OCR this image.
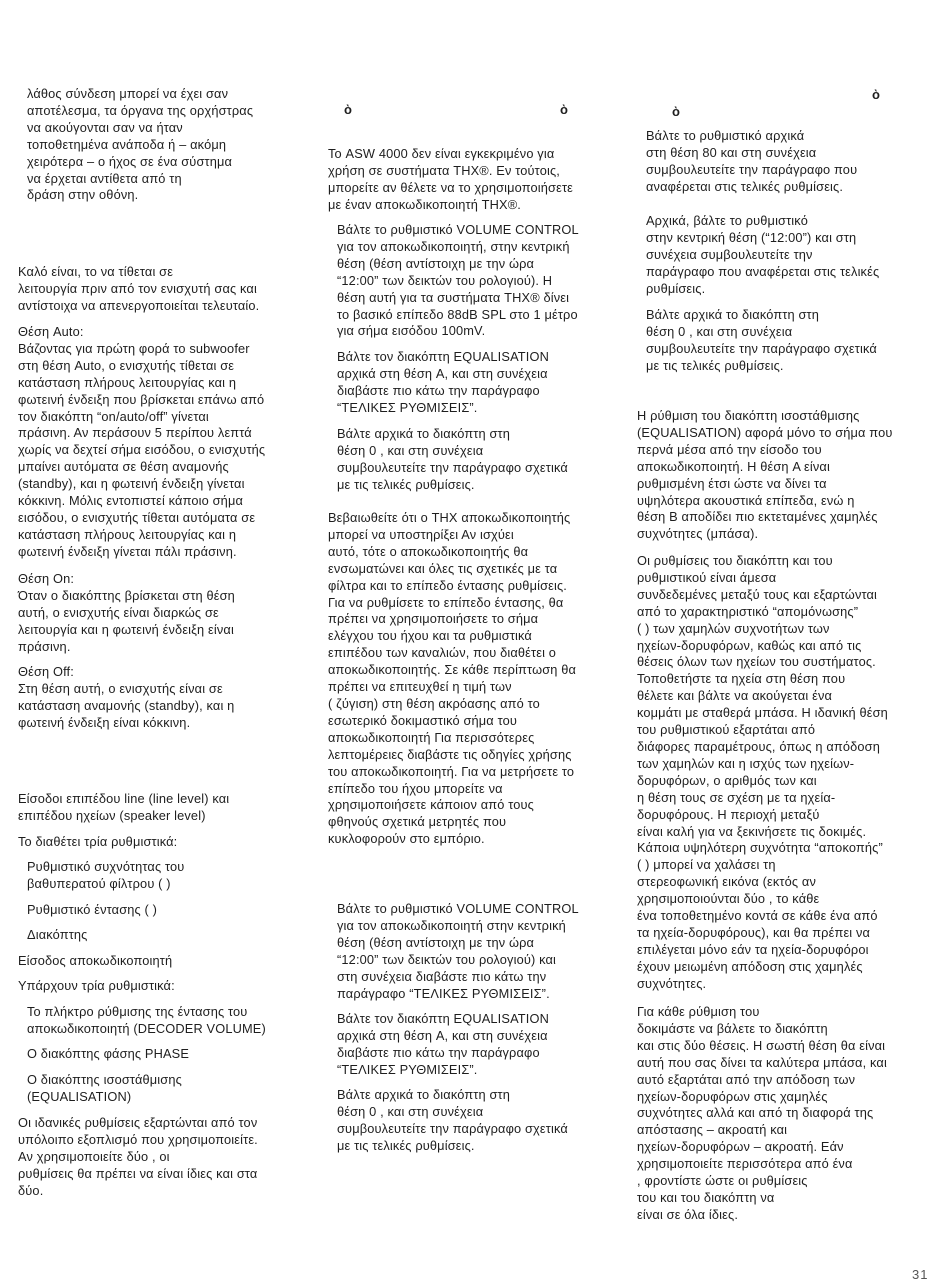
λάθος σύνδεση μπορεί να έχει σαν
αποτέλεσμα, τα όργανα της ορχήστρας
να ακούγονται σαν να ήταν
τοποθετημένα ανάποδα ή – ακόμη
χειρότερα – ο ήχος σε ένα σύστημα
να έρχεται αντίθετα από τη
δράση στην οθόνη.

Καλό είναι, το να τίθεται σε
λειτουργία πριν από τον ενισχυτή σας και
αντίστοιχα να απενεργοποιείται τελευταίο.

Θέση Auto:
Βάζοντας για πρώτη φορά το subwoofer
στη θέση Auto, ο ενισχυτής τίθεται σε
κατάσταση πλήρους λειτουργίας και η
φωτεινή ένδειξη που βρίσκεται επάνω από
τον διακόπτη “on/auto/off” γίνεται
πράσινη. Αν περάσουν 5 περίπου λεπτά
χωρίς να δεχτεί σήμα εισόδου, ο ενισχυτής
μπαίνει αυτόματα σε θέση αναμονής
(standby), και η φωτεινή ένδειξη γίνεται
κόκκινη. Μόλις εντοπιστεί κάποιο σήμα
εισόδου, ο ενισχυτής τίθεται αυτόματα σε
κατάσταση πλήρους λειτουργίας και η
φωτεινή ένδειξη γίνεται πάλι πράσινη.

Θέση On:
Όταν ο διακόπτης βρίσκεται στη θέση
αυτή, ο ενισχυτής είναι διαρκώς σε
λειτουργία και η φωτεινή ένδειξη είναι
πράσινη.

Θέση Off:
Στη θέση αυτή, ο ενισχυτής είναι σε
κατάσταση αναμονής (standby), και η
φωτεινή ένδειξη είναι κόκκινη.

Είσοδοι επιπέδου line (line level) και
επιπέδου ηχείων (speaker level)

Το διαθέτει τρία ρυθμιστικά:

Ρυθμιστικό συχνότητας του
βαθυπερατού φίλτρου ( )

Ρυθμιστικό έντασης ( )

Διακόπτης

Είσοδος αποκωδικοποιητή

Υπάρχουν τρία ρυθμιστικά:

Το πλήκτρο ρύθμισης της έντασης του
αποκωδικοποιητή (DECODER VOLUME)

Ο διακόπτης φάσης PHASE

Ο διακόπτης ισοστάθμισης
(EQUALISATION)

Οι ιδανικές ρυθμίσεις εξαρτώνται από τον
υπόλοιπο εξοπλισμό που χρησιμοποιείτε.
Αν χρησιμοποιείτε δύο , οι
ρυθμίσεις θα πρέπει να είναι ίδιες και στα
δύο.

ὸ	ὸ

Το ASW 4000 δεν είναι εγκεκριμένο για
χρήση σε συστήματα THX®. Εν τούτοις,
μπορείτε αν θέλετε να το χρησιμοποιήσετε
με έναν αποκωδικοποιητή THX®.

Βάλτε το ρυθμιστικό VOLUME CONTROL
για τον αποκωδικοποιητή, στην κεντρική
θέση (θέση αντίστοιχη με την ώρα
“12:00” των δεικτών του ρολογιού). Η
θέση αυτή για τα συστήματα THX® δίνει
το βασικό επίπεδο 88dB SPL στο 1 μέτρο
για σήμα εισόδου 100mV.

Βάλτε τον διακόπτη EQUALISATION
αρχικά στη θέση A, και στη συνέχεια
διαβάστε πιο κάτω την παράγραφο
“ΤΕΛΙΚΕΣ ΡΥΘΜΙΣΕΙΣ”.

Βάλτε αρχικά το διακόπτη στη
θέση 0 , και στη συνέχεια
συμβουλευτείτε την παράγραφο σχετικά
με τις τελικές ρυθμίσεις.

Βεβαιωθείτε ότι ο THX αποκωδικοποιητής
μπορεί να υποστηρίξει Αν ισχύει
αυτό, τότε ο αποκωδικοποιητής θα
ενσωματώνει και όλες τις σχετικές με τα
φίλτρα και το επίπεδο έντασης ρυθμίσεις.
Για να ρυθμίσετε το επίπεδο έντασης, θα
πρέπει να χρησιμοποιήσετε το σήμα
ελέγχου του ήχου και τα ρυθμιστικά
επιπέδου των καναλιών, που διαθέτει ο
αποκωδικοποιητής. Σε κάθε περίπτωση θα
πρέπει να επιτευχθεί η τιμή των
( ζύγιση) στη θέση ακρόασης από το
εσωτερικό δοκιμαστικό σήμα του
αποκωδικοποιητή Για περισσότερες
λεπτομέρειες διαβάστε τις οδηγίες χρήσης
του αποκωδικοποιητή. Για να μετρήσετε το
επίπεδο του ήχου μπορείτε να
χρησιμοποιήσετε κάποιον από τους
φθηνούς σχετικά μετρητές που
κυκλοφορούν στο εμπόριο.

Βάλτε το ρυθμιστικό VOLUME CONTROL
για τον αποκωδικοποιητή στην κεντρική
θέση (θέση αντίστοιχη με την ώρα
“12:00” των δεικτών του ρολογιού) και
στη συνέχεια διαβάστε πιο κάτω την
παράγραφο “ΤΕΛΙΚΕΣ ΡΥΘΜΙΣΕΙΣ”.

Βάλτε τον διακόπτη EQUALISATION
αρχικά στη θέση A, και στη συνέχεια
διαβάστε πιο κάτω την παράγραφο
“ΤΕΛΙΚΕΣ ΡΥΘΜΙΣΕΙΣ”.

Βάλτε αρχικά το διακόπτη στη
θέση 0 , και στη συνέχεια
συμβουλευτείτε την παράγραφο σχετικά
με τις τελικές ρυθμίσεις.

ὸ
ὸ

Βάλτε το ρυθμιστικό αρχικά
στη θέση 80 και στη συνέχεια
συμβουλευτείτε την παράγραφο που
αναφέρεται στις τελικές ρυθμίσεις.

Αρχικά, βάλτε το ρυθμιστικό
στην κεντρική θέση (“12:00”) και στη
συνέχεια συμβουλευτείτε την
παράγραφο που αναφέρεται στις τελικές
ρυθμίσεις.

Βάλτε αρχικά το διακόπτη στη
θέση 0 , και στη συνέχεια
συμβουλευτείτε την παράγραφο σχετικά
με τις τελικές ρυθμίσεις.

Η ρύθμιση του διακόπτη ισοστάθμισης
(EQUALISATION) αφορά μόνο το σήμα που
περνά μέσα από την είσοδο του
αποκωδικοποιητή. Η θέση A είναι
ρυθμισμένη έτσι ώστε να δίνει τα
υψηλότερα ακουστικά επίπεδα, ενώ η
θέση B αποδίδει πιο εκτεταμένες χαμηλές
συχνότητες (μπάσα).

Οι ρυθμίσεις του διακόπτη και του
ρυθμιστικού είναι άμεσα
συνδεδεμένες μεταξύ τους και εξαρτώνται
από το χαρακτηριστικό “απομόνωσης”
( ) των χαμηλών συχνοτήτων των
ηχείων-δορυφόρων, καθώς και από τις
θέσεις όλων των ηχείων του συστήματος.
Τοποθετήστε τα ηχεία στη θέση που
θέλετε και βάλτε να ακούγεται ένα
κομμάτι με σταθερά μπάσα. Η ιδανική θέση
του ρυθμιστικού εξαρτάται από
διάφορες παραμέτρους, όπως η απόδοση
των χαμηλών και η ισχύς των ηχείων-
δορυφόρων, ο αριθμός των και
η θέση τους σε σχέση με τα ηχεία-
δορυφόρους. Η περιοχή μεταξύ
είναι καλή για να ξεκινήσετε τις δοκιμές.
Κάποια υψηλότερη συχνότητα “αποκοπής”
( ) μπορεί να χαλάσει τη
στερεοφωνική εικόνα (εκτός αν
χρησιμοποιούνται δύο , το κάθε
ένα τοποθετημένο κοντά σε κάθε ένα από
τα ηχεία-δορυφόρους), και θα πρέπει να
επιλέγεται μόνο εάν τα ηχεία-δορυφόροι
έχουν μειωμένη απόδοση στις χαμηλές
συχνότητες.

Για κάθε ρύθμιση του
δοκιμάστε να βάλετε το διακόπτη
και στις δύο θέσεις. Η σωστή θέση θα είναι
αυτή που σας δίνει τα καλύτερα μπάσα, και
αυτό εξαρτάται από την απόδοση των
ηχείων-δορυφόρων στις χαμηλές
συχνότητες αλλά και από τη διαφορά της
απόστασης – ακροατή και
ηχείων-δορυφόρων – ακροατή. Εάν
χρησιμοποιείτε περισσότερα από ένα
, φροντίστε ώστε οι ρυθμίσεις
του και του διακόπτη να
είναι σε όλα ίδιες.

31
